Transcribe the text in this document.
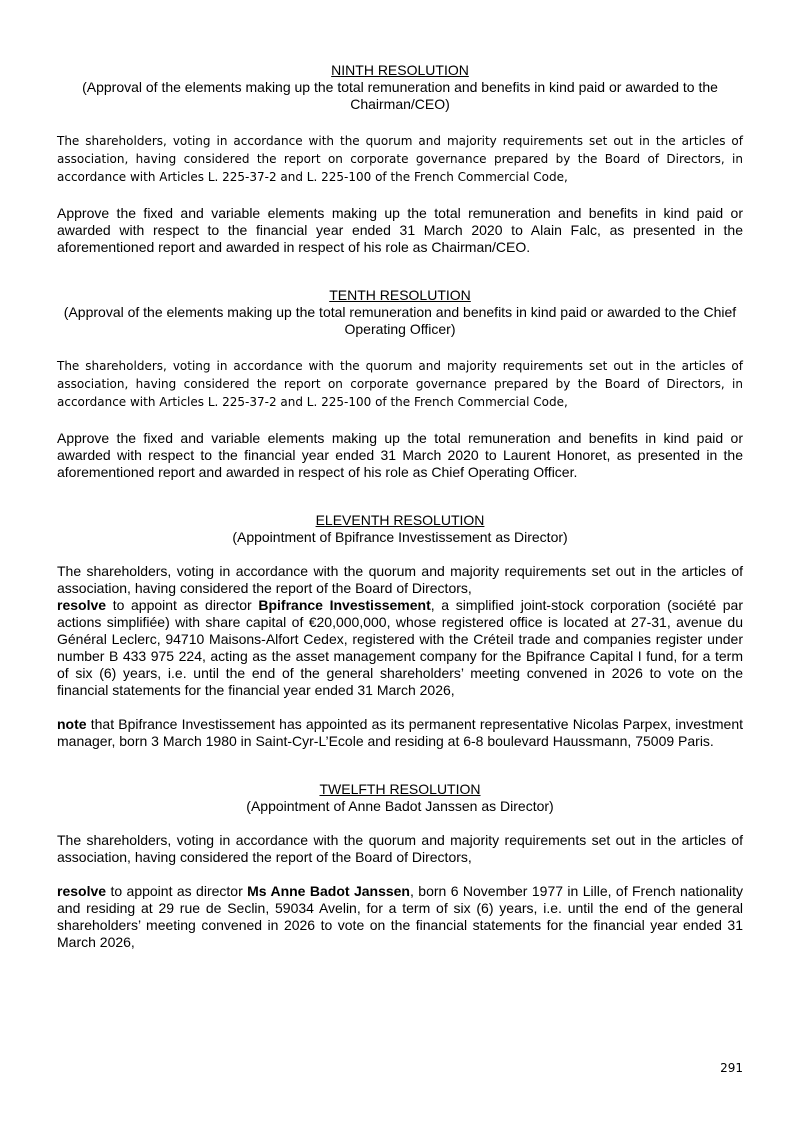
NINTH RESOLUTION
(Approval of the elements making up the total remuneration and benefits in kind paid or awarded to the Chairman/CEO)

The shareholders, voting in accordance with the quorum and majority requirements set out in the articles of association, having considered the report on corporate governance prepared by the Board of Directors, in accordance with Articles L. 225-37-2 and L. 225-100 of the French Commercial Code,

Approve the fixed and variable elements making up the total remuneration and benefits in kind paid or awarded with respect to the financial year ended 31 March 2020 to Alain Falc, as presented in the aforementioned report and awarded in respect of his role as Chairman/CEO.

TENTH RESOLUTION
(Approval of the elements making up the total remuneration and benefits in kind paid or awarded to the Chief Operating Officer)

The shareholders, voting in accordance with the quorum and majority requirements set out in the articles of association, having considered the report on corporate governance prepared by the Board of Directors, in accordance with Articles L. 225-37-2 and L. 225-100 of the French Commercial Code,

Approve the fixed and variable elements making up the total remuneration and benefits in kind paid or awarded with respect to the financial year ended 31 March 2020 to Laurent Honoret, as presented in the aforementioned report and awarded in respect of his role as Chief Operating Officer.

ELEVENTH RESOLUTION
(Appointment of Bpifrance Investissement as Director)

The shareholders, voting in accordance with the quorum and majority requirements set out in the articles of association, having considered the report of the Board of Directors,

resolve to appoint as director Bpifrance Investissement, a simplified joint-stock corporation (société par actions simplifiée) with share capital of €20,000,000, whose registered office is located at 27-31, avenue du Général Leclerc, 94710 Maisons-Alfort Cedex, registered with the Créteil trade and companies register under number B 433 975 224, acting as the asset management company for the Bpifrance Capital I fund, for a term of six (6) years, i.e. until the end of the general shareholders’ meeting convened in 2026 to vote on the financial statements for the financial year ended 31 March 2026,

note that Bpifrance Investissement has appointed as its permanent representative Nicolas Parpex, investment manager, born 3 March 1980 in Saint-Cyr-L’Ecole and residing at 6-8 boulevard Haussmann, 75009 Paris.

TWELFTH RESOLUTION
(Appointment of Anne Badot Janssen as Director)

The shareholders, voting in accordance with the quorum and majority requirements set out in the articles of association, having considered the report of the Board of Directors,

resolve to appoint as director Ms Anne Badot Janssen, born 6 November 1977 in Lille, of French nationality and residing at 29 rue de Seclin, 59034 Avelin, for a term of six (6) years, i.e. until the end of the general shareholders’ meeting convened in 2026 to vote on the financial statements for the financial year ended 31 March 2026,

291
